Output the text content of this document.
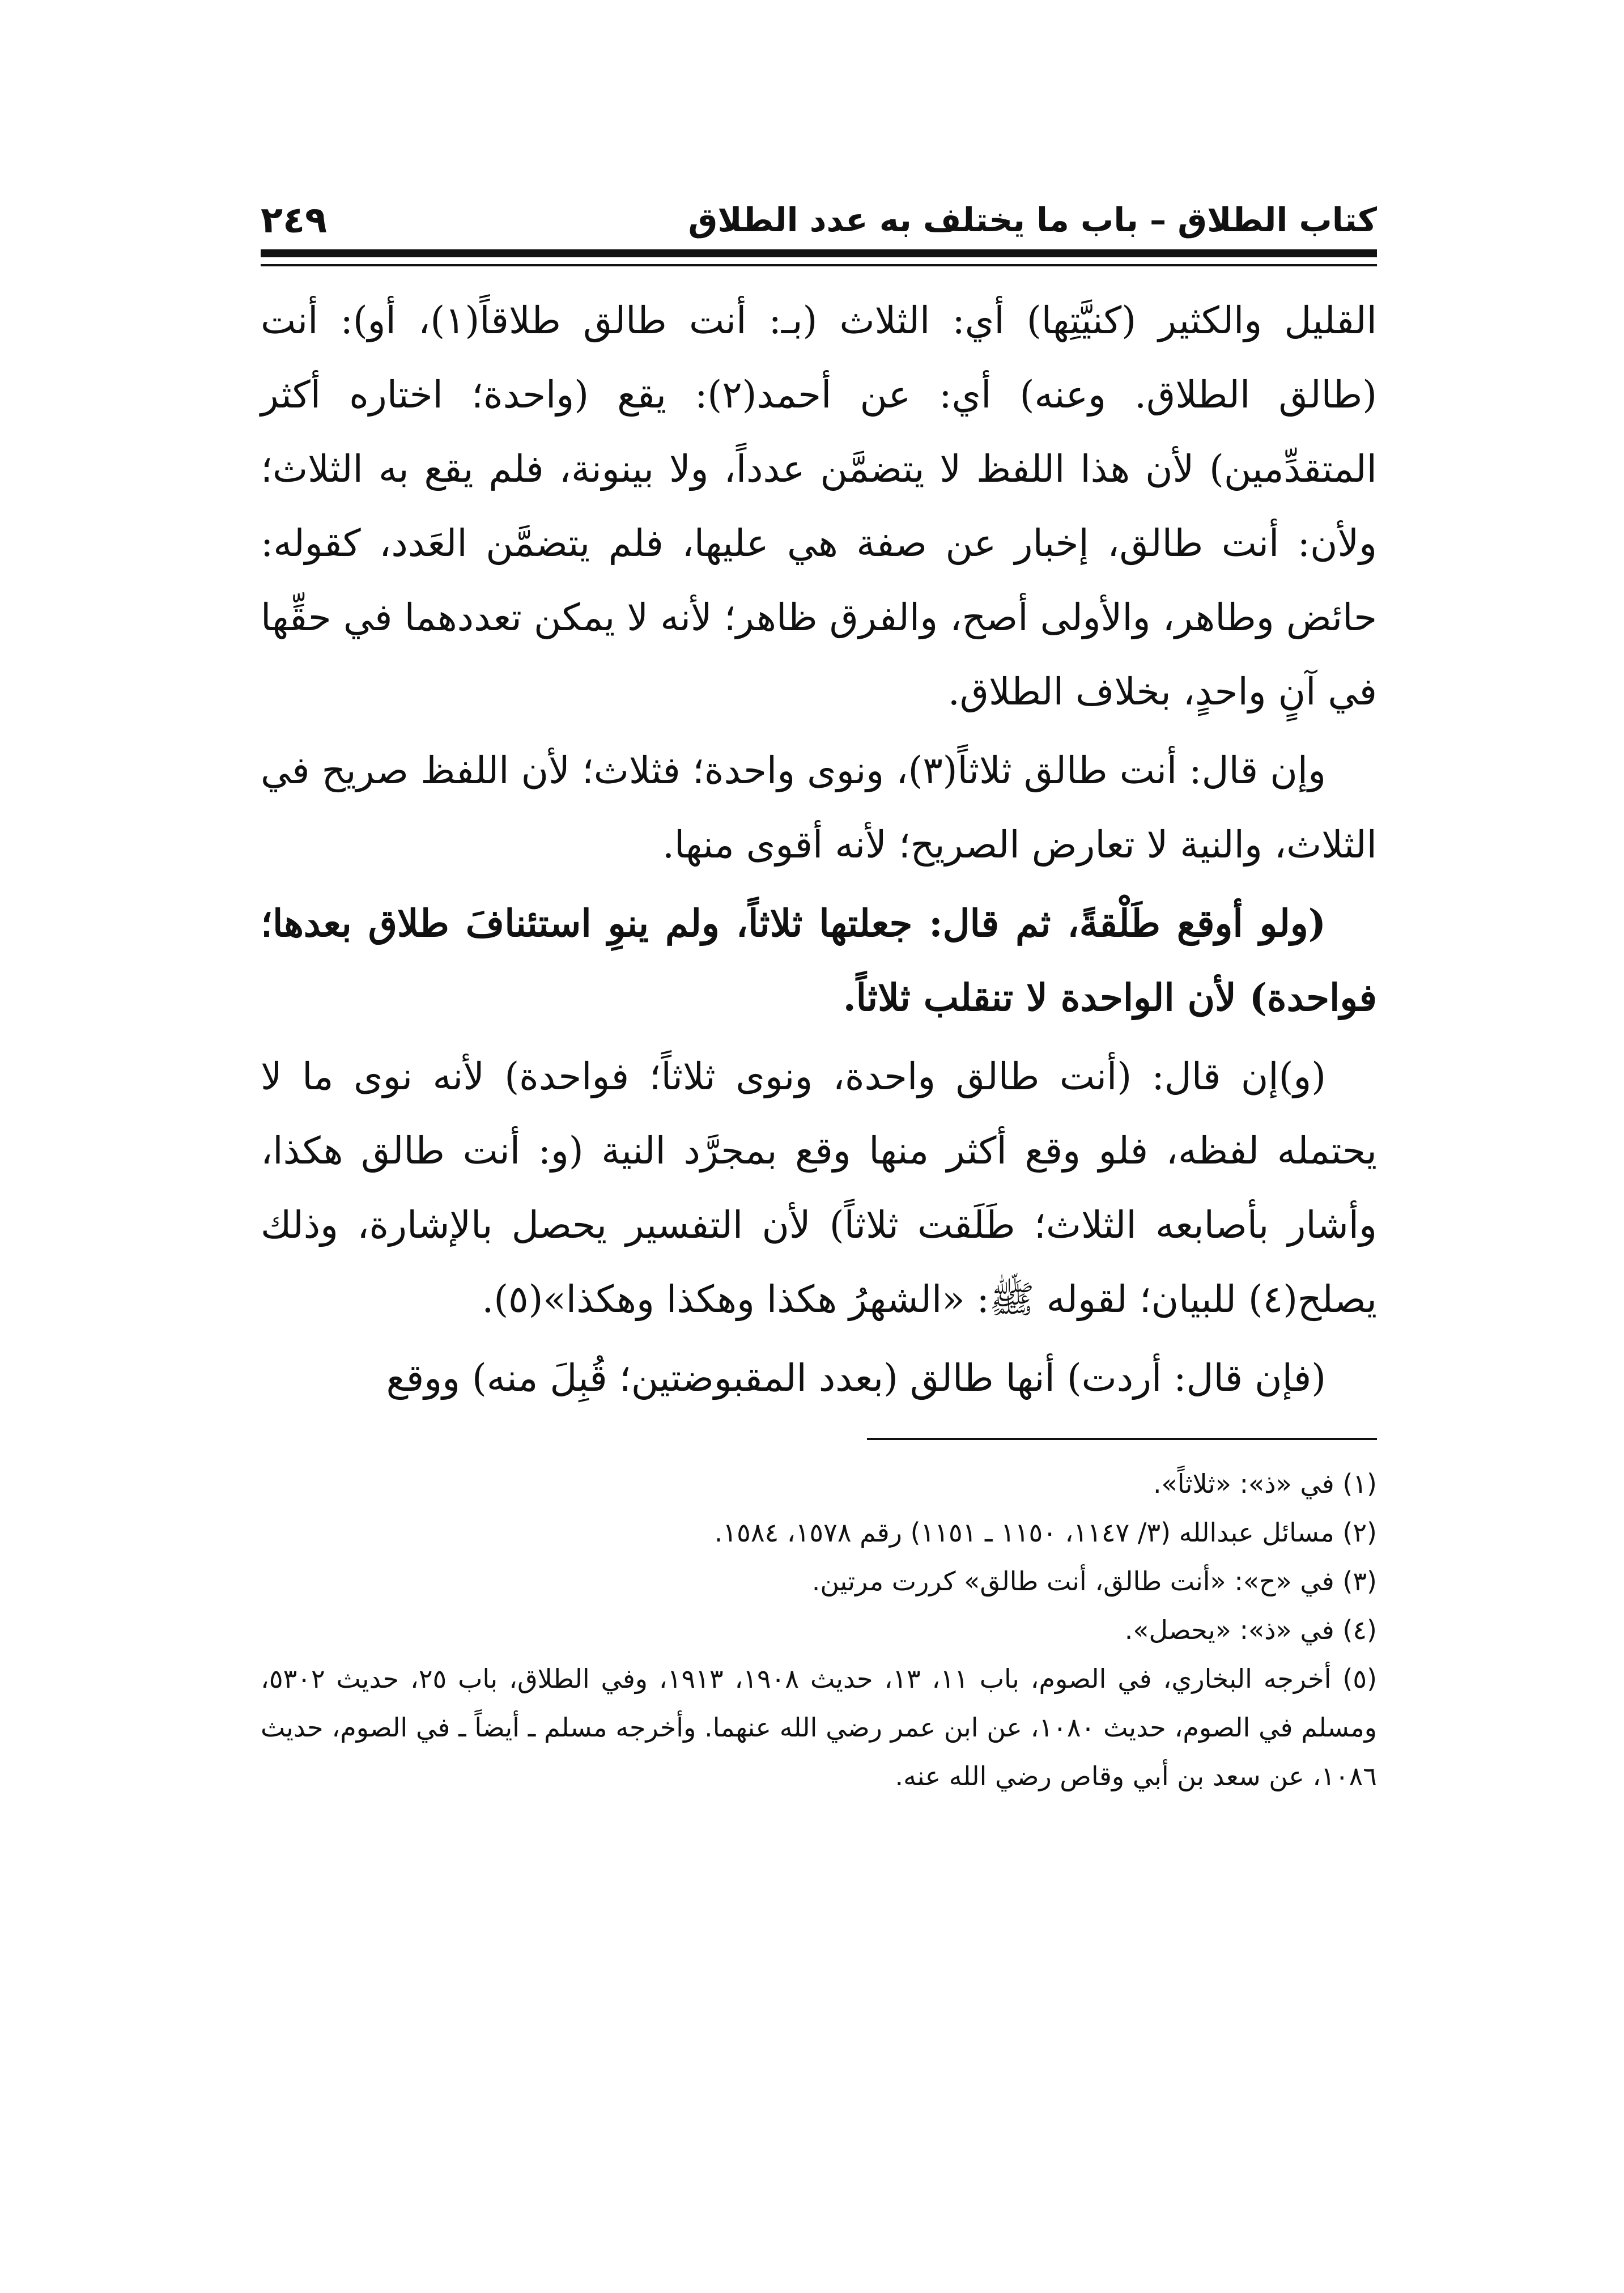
كتاب الطلاق – باب ما يختلف به عدد الطلاق
٢٤٩

القليل والكثير (كنيَّتِها) أي: الثلاث (بـ: أنت طالق طلاقاً(١)، أو): أنت (طالق الطلاق. وعنه) أي: عن أحمد(٢): يقع (واحدة؛ اختاره أكثر المتقدِّمين) لأن هذا اللفظ لا يتضمَّن عدداً، ولا بينونة، فلم يقع به الثلاث؛ ولأن: أنت طالق، إخبار عن صفة هي عليها، فلم يتضمَّن العَدد، كقوله: حائض وطاهر، والأولى أصح، والفرق ظاهر؛ لأنه لا يمكن تعددهما في حقِّها في آنٍ واحدٍ، بخلاف الطلاق.

وإن قال: أنت طالق ثلاثاً(٣)، ونوى واحدة؛ فثلاث؛ لأن اللفظ صريح في الثلاث، والنية لا تعارض الصريح؛ لأنه أقوى منها.

(ولو أوقع طَلْقةً، ثم قال: جعلتها ثلاثاً، ولم ينوِ استئنافَ طلاق بعدها؛ فواحدة) لأن الواحدة لا تنقلب ثلاثاً.

(و)إن قال: (أنت طالق واحدة، ونوى ثلاثاً؛ فواحدة) لأنه نوى ما لا يحتمله لفظه، فلو وقع أكثر منها وقع بمجرَّد النية (و: أنت طالق هكذا، وأشار بأصابعه الثلاث؛ طَلَقت ثلاثاً) لأن التفسير يحصل بالإشارة، وذلك يصلح(٤) للبيان؛ لقوله ﷺ: «الشهرُ هكذا وهكذا وهكذا»(٥).

(فإن قال: أردت) أنها طالق (بعدد المقبوضتين؛ قُبِلَ منه) ووقع

(١) في «ذ»: «ثلاثاً».

(٢) مسائل عبدالله (٣/ ١١٤٧، ١١٥٠ ـ ١١٥١) رقم ١٥٧٨، ١٥٨٤.

(٣) في «ح»: «أنت طالق، أنت طالق» كررت مرتين.

(٤) في «ذ»: «يحصل».

(٥) أخرجه البخاري، في الصوم، باب ١١، ١٣، حديث ١٩٠٨، ١٩١٣، وفي الطلاق، باب ٢٥، حديث ٥٣٠٢، ومسلم في الصوم، حديث ١٠٨٠، عن ابن عمر رضي الله عنهما. وأخرجه مسلم ـ أيضاً ـ في الصوم، حديث ١٠٨٦، عن سعد بن أبي وقاص رضي الله عنه.
